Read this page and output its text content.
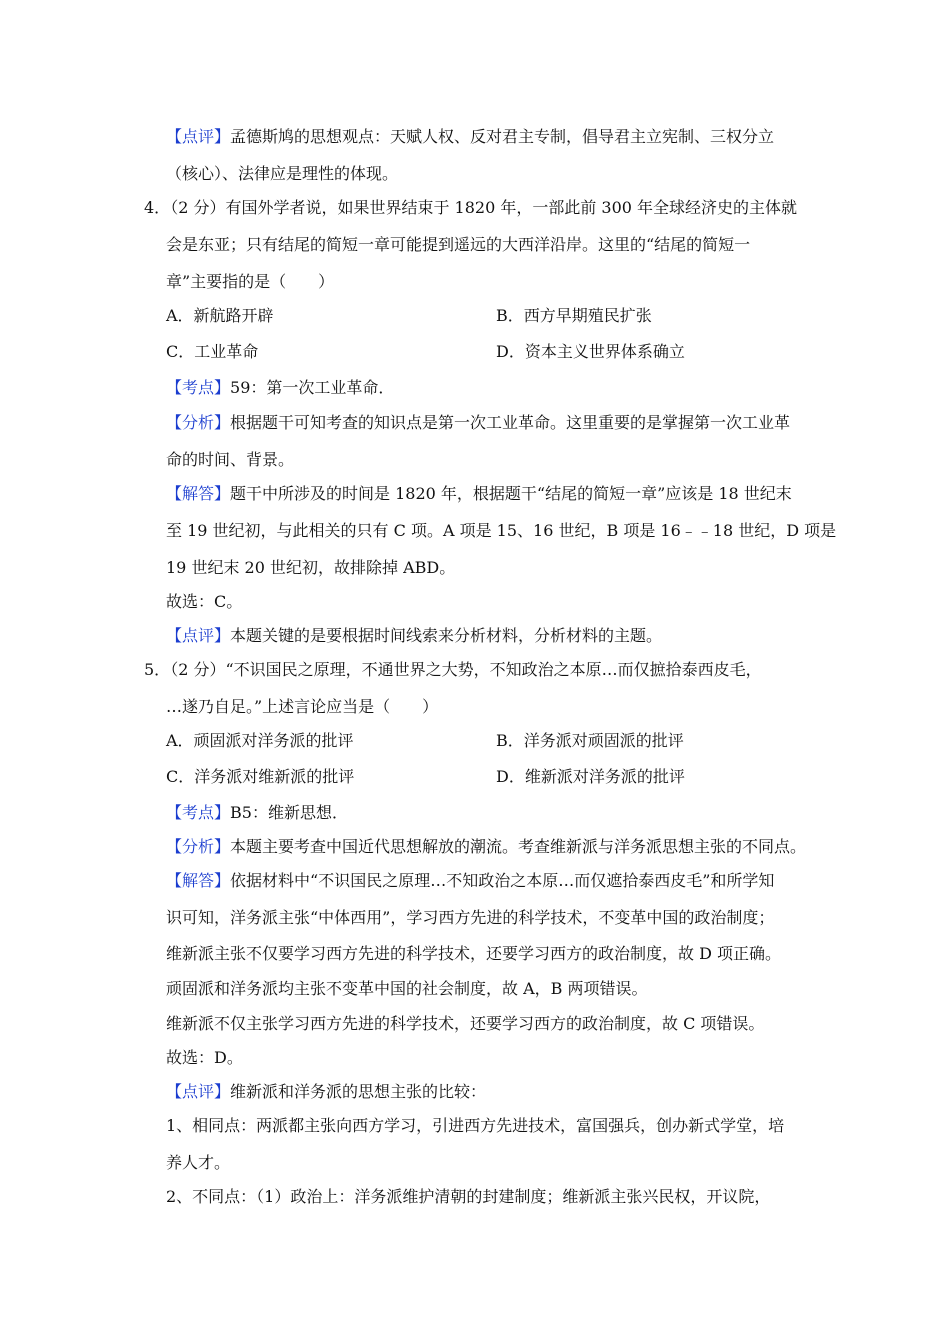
【点评】孟德斯鸠的思想观点：天赋人权、反对君主专制，倡导君主立宪制、三权分立
（核心）、法律应是理性的体现。
4．（2 分）有国外学者说，如果世界结束于 1820 年，一部此前 300 年全球经济史的主体就
会是东亚；只有结尾的简短一章可能提到遥远的大西洋沿岸。这里的“结尾的简短一
章”主要指的是（　　）
A．新航路开辟	B．西方早期殖民扩张
C．工业革命	D．资本主义世界体系确立
【考点】59：第一次工业革命．
【分析】根据题干可知考查的知识点是第一次工业革命。这里重要的是掌握第一次工业革
命的时间、背景。
【解答】题干中所涉及的时间是 1820 年，根据题干“结尾的简短一章”应该是 18 世纪末
至 19 世纪初，与此相关的只有 C 项。A 项是 15、16 世纪，B 项是 16﹣﹣18 世纪，D 项是
19 世纪末 20 世纪初，故排除掉 ABD。
故选：C。
【点评】本题关键的是要根据时间线索来分析材料，分析材料的主题。
5．（2 分）“不识国民之原理，不通世界之大势，不知政治之本原…而仅摭拾泰西皮毛，
…遂乃自足。”上述言论应当是（　　）
A．顽固派对洋务派的批评	B．洋务派对顽固派的批评
C．洋务派对维新派的批评	D．维新派对洋务派的批评
【考点】B5：维新思想．
【分析】本题主要考查中国近代思想解放的潮流。考查维新派与洋务派思想主张的不同点。
【解答】依据材料中“不识国民之原理…不知政治之本原…而仅遮拾泰西皮毛”和所学知
识可知，洋务派主张“中体西用”，学习西方先进的科学技术，不变革中国的政治制度；
维新派主张不仅要学习西方先进的科学技术，还要学习西方的政治制度，故 D 项正确。
顽固派和洋务派均主张不变革中国的社会制度，故 A，B 两项错误。
维新派不仅主张学习西方先进的科学技术，还要学习西方的政治制度，故 C 项错误。
故选：D。
【点评】维新派和洋务派的思想主张的比较：
1、相同点：两派都主张向西方学习，引进西方先进技术，富国强兵，创办新式学堂，培
养人才。
2、不同点：（1）政治上：洋务派维护清朝的封建制度；维新派主张兴民权，开议院，
